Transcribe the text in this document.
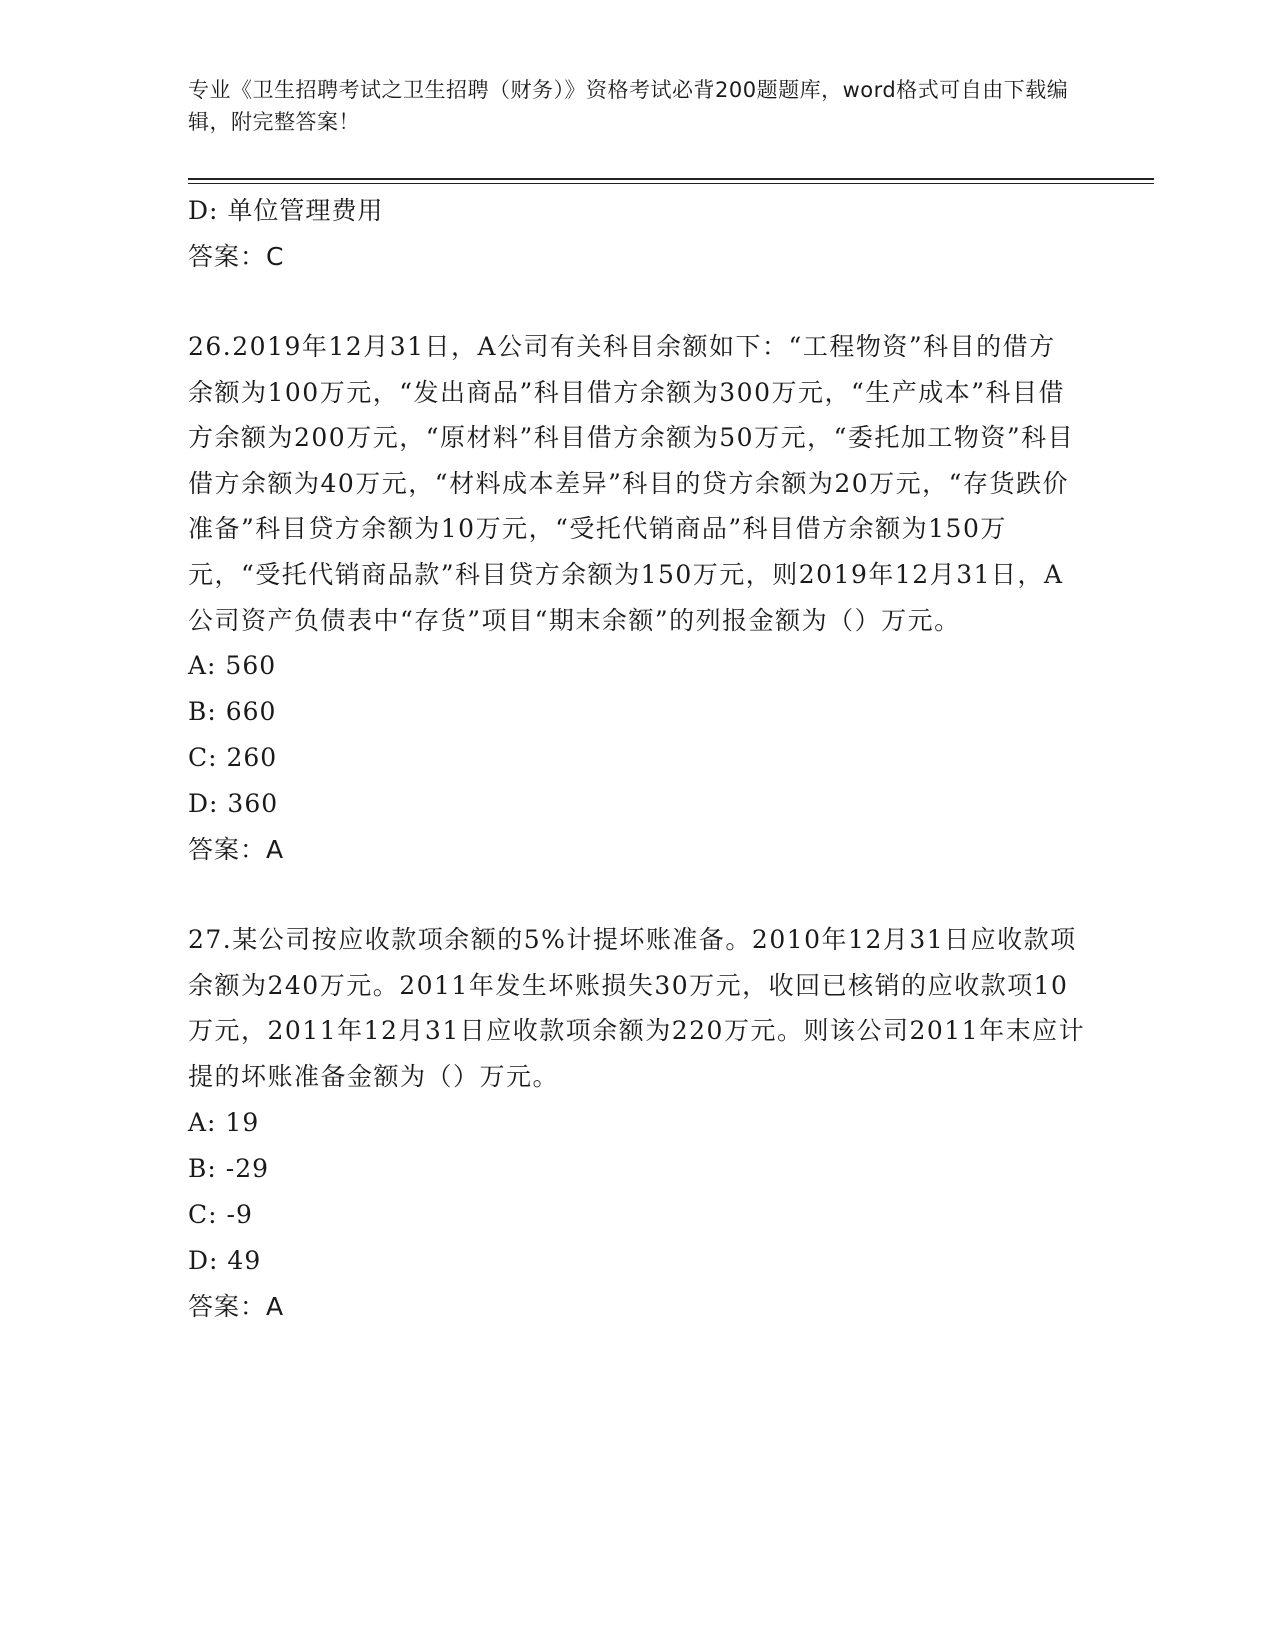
专业《卫生招聘考试之卫生招聘（财务）》资格考试必背200题题库，word格式可自由下载编辑，附完整答案！
D: 单位管理费用
答案：C
26.2019年12月31日，A公司有关科目余额如下：“工程物资”科目的借方余额为100万元，“发出商品”科目借方余额为300万元，“生产成本”科目借方余额为200万元，“原材料”科目借方余额为50万元，“委托加工物资”科目借方余额为40万元，“材料成本差异”科目的贷方余额为20万元，“存货跌价准备”科目贷方余额为10万元，“受托代销商品”科目借方余额为150万元，“受托代销商品款”科目贷方余额为150万元，则2019年12月31日，A公司资产负债表中“存货”项目“期末余额”的列报金额为（）万元。
A: 560
B: 660
C: 260
D: 360
答案：A
27.某公司按应收款项余额的5%计提坏账准备。2010年12月31日应收款项余额为240万元。2011年发生坏账损失30万元，收回已核销的应收款项10万元，2011年12月31日应收款项余额为220万元。则该公司2011年末应计提的坏账准备金额为（）万元。
A: 19
B: -29
C: -9
D: 49
答案：A
